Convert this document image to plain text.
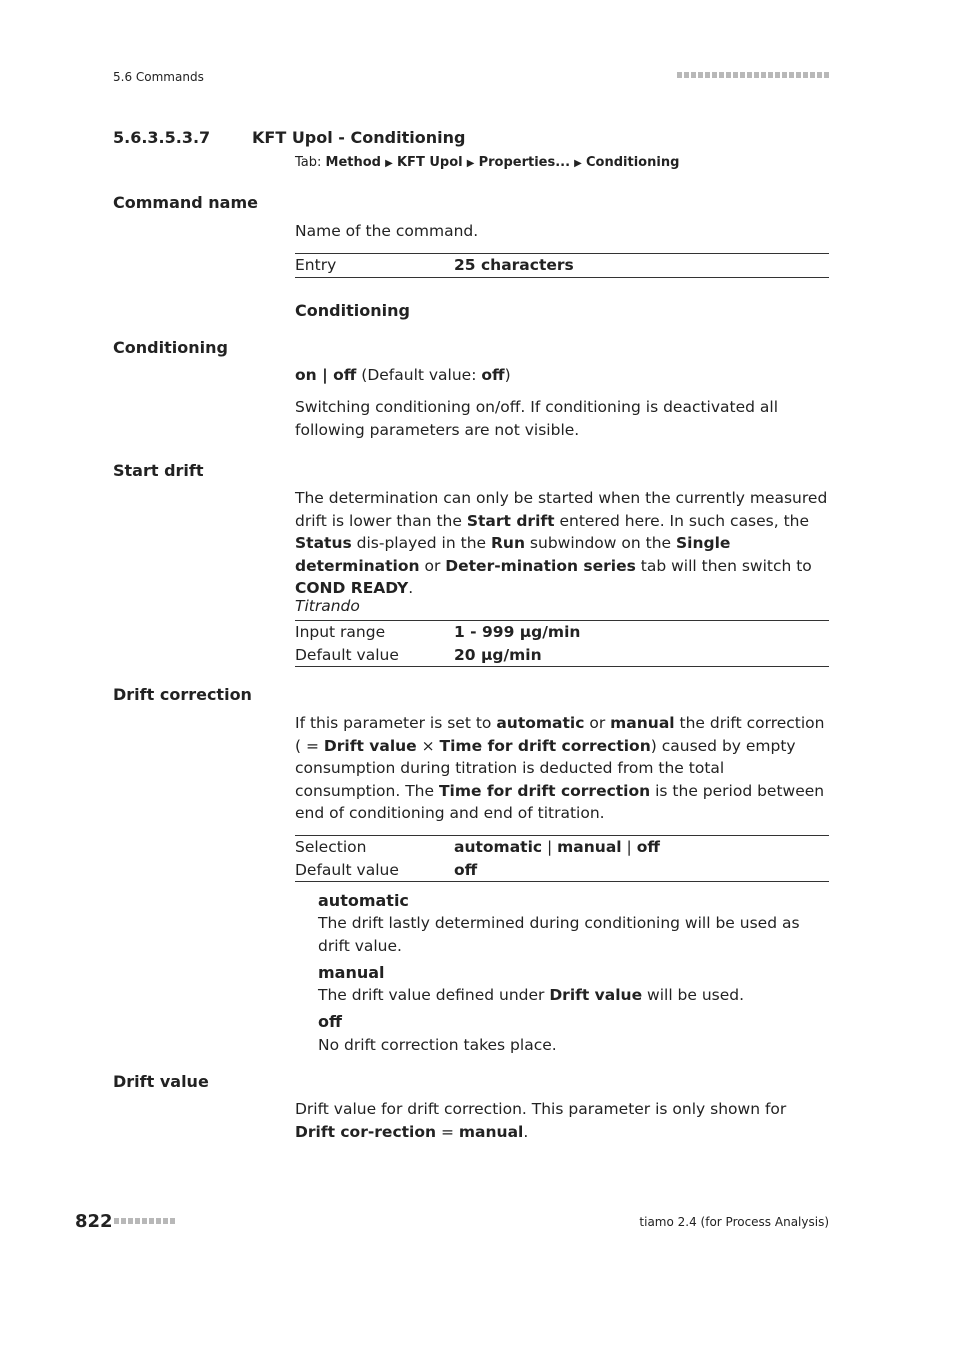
5.6 Commands
5.6.3.5.3.7	KFT Upol - Conditioning
Tab: Method ▶ KFT Upol ▶ Properties... ▶ Conditioning
Command name
Name of the command.
Entry	25 characters
Conditioning
Conditioning
on | off (Default value: off)
Switching conditioning on/off. If conditioning is deactivated all following parameters are not visible.
Start drift
The determination can only be started when the currently measured drift is lower than the Start drift entered here. In such cases, the Status dis-played in the Run subwindow on the Single determination or Deter-mination series tab will then switch to COND READY.
Titrando
Input range	1 - 999 µg/min
Default value	20 µg/min
Drift correction
If this parameter is set to automatic or manual the drift correction ( = Drift value × Time for drift correction) caused by empty consumption during titration is deducted from the total consumption. The Time for drift correction is the period between end of conditioning and end of titration.
Selection	automatic | manual | off
Default value	off
automatic
The drift lastly determined during conditioning will be used as drift value.
manual
The drift value defined under Drift value will be used.
off
No drift correction takes place.
Drift value
Drift value for drift correction. This parameter is only shown for Drift cor-rection = manual.
822	tiamo 2.4 (for Process Analysis)
